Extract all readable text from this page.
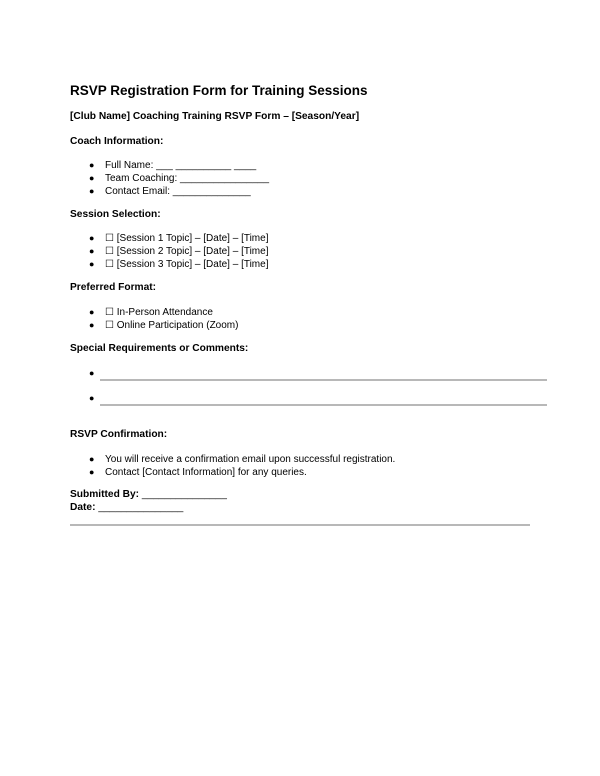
RSVP Registration Form for Training Sessions
[Club Name] Coaching Training RSVP Form – [Season/Year]
Coach Information:
● Full Name: ___ __________ ____
● Team Coaching: ________________
● Contact Email: ______________
Session Selection:
● ☐ [Session 1 Topic] – [Date] – [Time]
● ☐ [Session 2 Topic] – [Date] – [Time]
● ☐ [Session 3 Topic] – [Date] – [Time]
Preferred Format:
● ☐ In-Person Attendance
● ☐ Online Participation (Zoom)
Special Requirements or Comments:
●
●
RSVP Confirmation:
● You will receive a confirmation email upon successful registration.
● Contact [Contact Information] for any queries.
Submitted By: _______________
Date: _______________
